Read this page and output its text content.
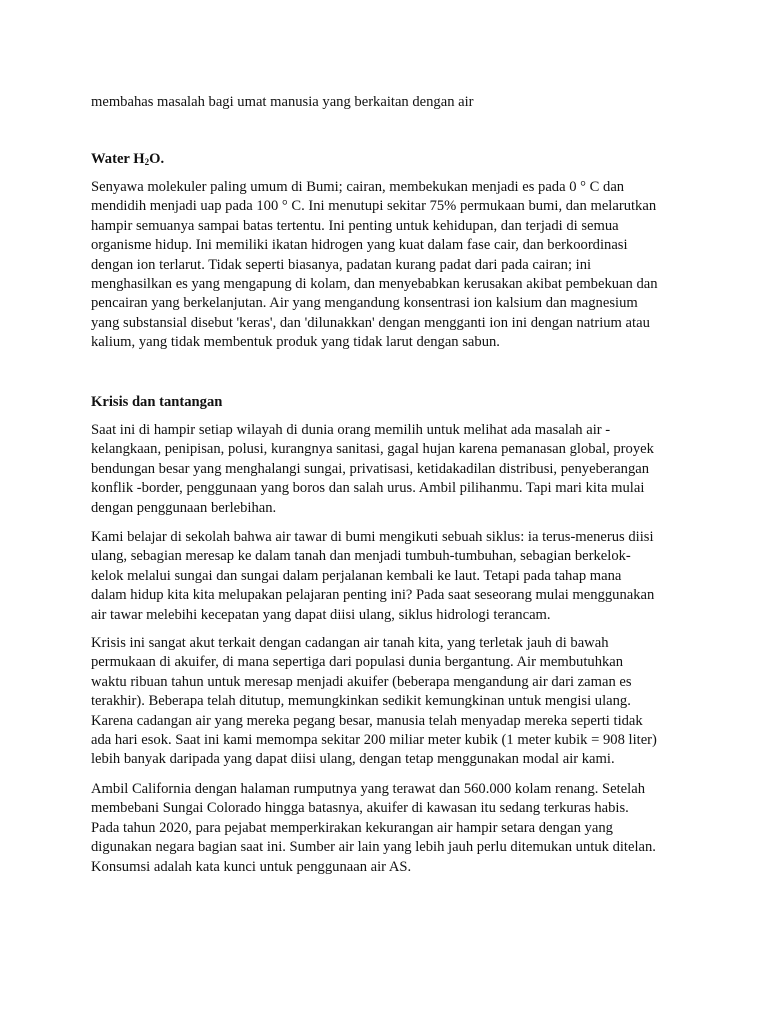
membahas masalah bagi umat manusia yang berkaitan dengan air
Water $H_2O$.
Senyawa molekuler paling umum di Bumi; cairan, membekukan menjadi es pada 0 ° C dan
mendidih menjadi uap pada 100 ° C. Ini menutupi sekitar 75% permukaan bumi, dan melarutkan
hampir semuanya sampai batas tertentu. Ini penting untuk kehidupan, dan terjadi di semua
organisme hidup. Ini memiliki ikatan hidrogen yang kuat dalam fase cair, dan berkoordinasi
dengan ion terlarut. Tidak seperti biasanya, padatan kurang padat dari pada cairan; ini
menghasilkan es yang mengapung di kolam, dan menyebabkan kerusakan akibat pembekuan dan
pencairan yang berkelanjutan. Air yang mengandung konsentrasi ion kalsium dan magnesium
yang substansial disebut 'keras', dan 'dilunakkan' dengan mengganti ion ini dengan natrium atau
kalium, yang tidak membentuk produk yang tidak larut dengan sabun.
Krisis dan tantangan
Saat ini di hampir setiap wilayah di dunia orang memilih untuk melihat ada masalah air -
kelangkaan, penipisan, polusi, kurangnya sanitasi, gagal hujan karena pemanasan global, proyek
bendungan besar yang menghalangi sungai, privatisasi, ketidakadilan distribusi, penyeberangan
konflik -border, penggunaan yang boros dan salah urus. Ambil pilihanmu. Tapi mari kita mulai
dengan penggunaan berlebihan.
Kami belajar di sekolah bahwa air tawar di bumi mengikuti sebuah siklus: ia terus-menerus diisi
ulang, sebagian meresap ke dalam tanah dan menjadi tumbuh-tumbuhan, sebagian berkelok-
kelok melalui sungai dan sungai dalam perjalanan kembali ke laut. Tetapi pada tahap mana
dalam hidup kita kita melupakan pelajaran penting ini? Pada saat seseorang mulai menggunakan
air tawar melebihi kecepatan yang dapat diisi ulang, siklus hidrologi terancam.
Krisis ini sangat akut terkait dengan cadangan air tanah kita, yang terletak jauh di bawah
permukaan di akuifer, di mana sepertiga dari populasi dunia bergantung. Air membutuhkan
waktu ribuan tahun untuk meresap menjadi akuifer (beberapa mengandung air dari zaman es
terakhir). Beberapa telah ditutup, memungkinkan sedikit kemungkinan untuk mengisi ulang.
Karena cadangan air yang mereka pegang besar, manusia telah menyadap mereka seperti tidak
ada hari esok. Saat ini kami memompa sekitar 200 miliar meter kubik (1 meter kubik = 908 liter)
lebih banyak daripada yang dapat diisi ulang, dengan tetap menggunakan modal air kami.
Ambil California dengan halaman rumputnya yang terawat dan 560.000 kolam renang. Setelah
membebani Sungai Colorado hingga batasnya, akuifer di kawasan itu sedang terkuras habis.
Pada tahun 2020, para pejabat memperkirakan kekurangan air hampir setara dengan yang
digunakan negara bagian saat ini. Sumber air lain yang lebih jauh perlu ditemukan untuk ditelan.
Konsumsi adalah kata kunci untuk penggunaan air AS.
